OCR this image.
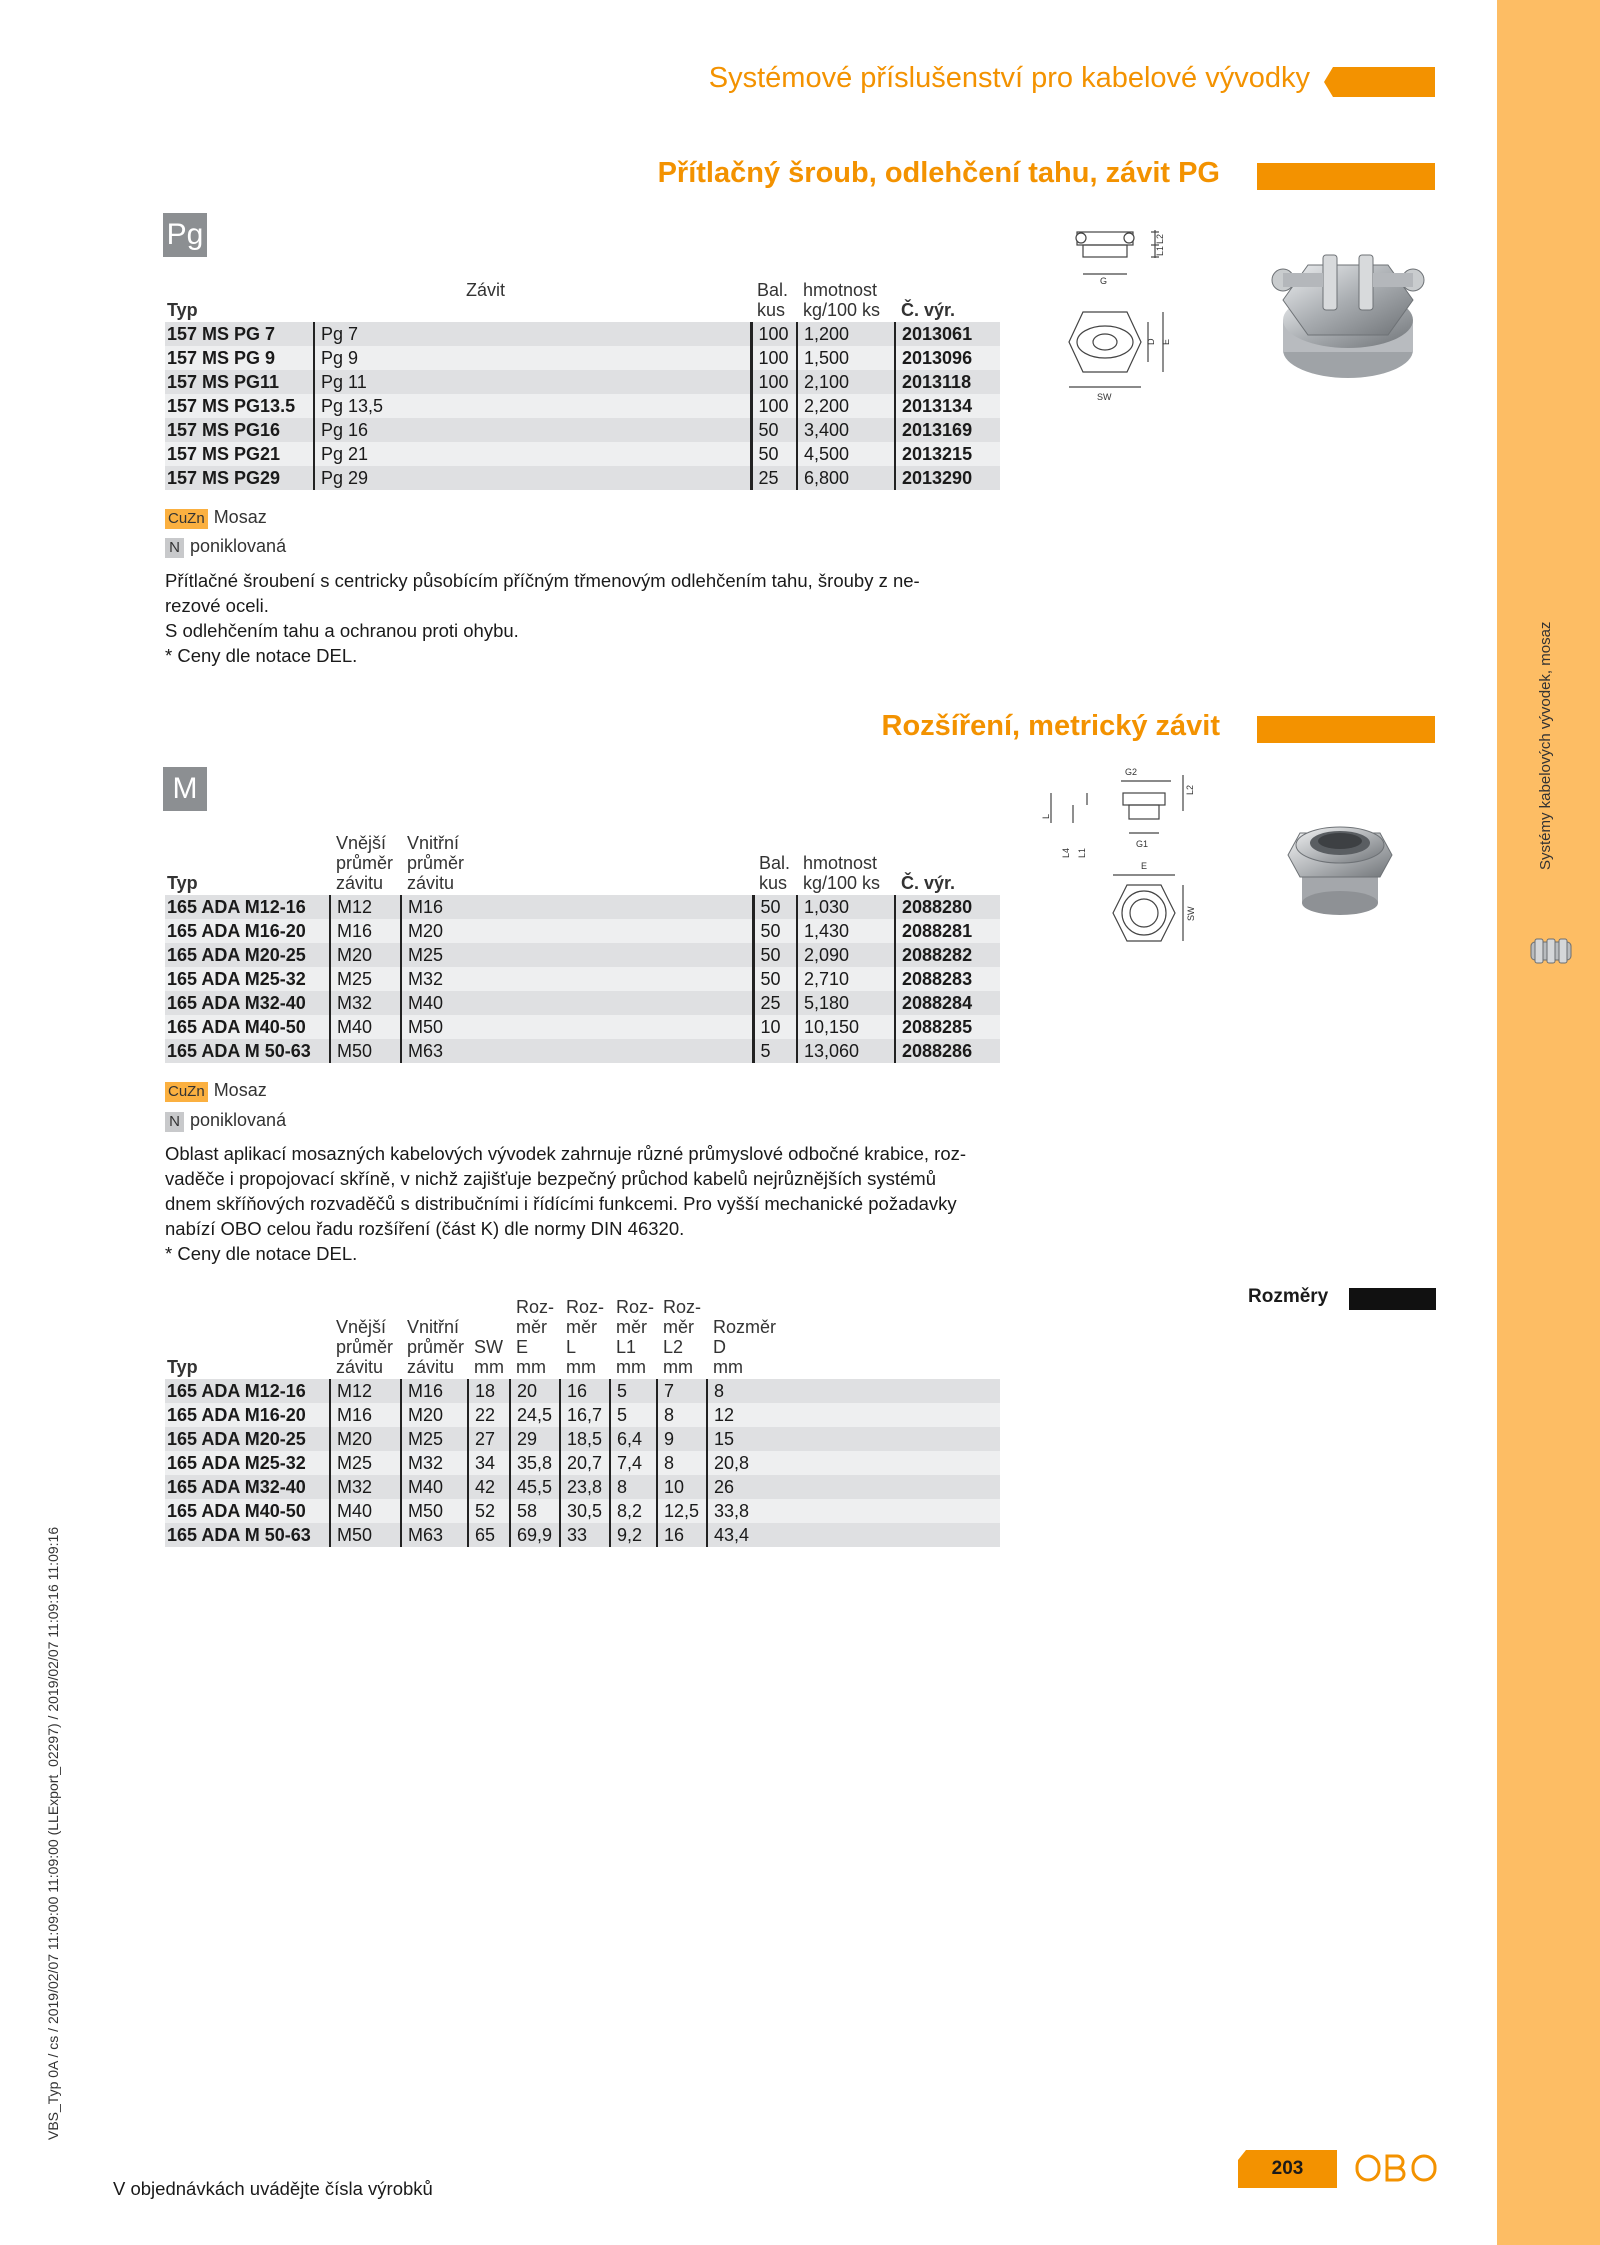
Systémy kabelových vývodek, mosaz
Systémové příslušenství pro kabelové vývodky
Přítlačný šroub, odlehčení tahu, závit PG
Pg

Typ	Závit	Bal.
kus	hmotnost
kg/100 ks	Č. výr.
157 MS PG 7	Pg 7	100	1,200	2013061
157 MS PG 9	Pg 9	100	1,500	2013096
157 MS PG11	Pg 11	100	2,100	2013118
157 MS PG13.5	Pg 13,5	100	2,200	2013134
157 MS PG16	Pg 16	50	3,400	2013169
157 MS PG21	Pg 21	50	4,500	2013215
157 MS PG29	Pg 29	25	6,800	2013290
CuZn Mosaz
N poniklovaná
Přítlačné šroubení s centricky působícím příčným třmenovým odlehčením tahu, šrouby z ne-
rezové oceli.
S odlehčením tahu a ochranou proti ohybu.
* Ceny dle notace DEL.
G
L2
L1
D E
SW
Rozšíření, metrický závit
M
Typ	Vnější
průměr
závitu	Vnitřní
průměr
závitu	Bal.
kus	hmotnost
kg/100 ks	Č. výr.
165 ADA M12-16	M12	M16	50	1,030	2088280
165 ADA M16-20	M16	M20	50	1,430	2088281
165 ADA M20-25	M20	M25	50	2,090	2088282
165 ADA M25-32	M25	M32	50	2,710	2088283
165 ADA M32-40	M32	M40	25	5,180	2088284
165 ADA M40-50	M40	M50	10	10,150	2088285
165 ADA M 50-63	M50	M63	5	13,060	2088286
CuZn Mosaz
N poniklovaná
Oblast aplikací mosazných kabelových vývodek zahrnuje různé průmyslové odbočné krabice, roz-
vaděče i propojovací skříně, v nichž zajišťuje bezpečný průchod kabelů nejrůznějších systémů
dnem skříňových rozvaděčů s distribučními i řídícími funkcemi. Pro vyšší mechanické požadavky
nabízí OBO celou řadu rozšíření (část K) dle normy DIN 46320.
* Ceny dle notace DEL.
G2
L2
L
L4 L1
G1
E
SW
Rozměry
Typ	Vnější
průměr
závitu	Vnitřní
průměr
závitu	SW
mm	Roz-
měr
E
mm	Roz-
měr
L
mm	Roz-
měr
L1
mm	Roz-
měr
L2
mm	Rozměr
D
mm
165 ADA M12-16	M12	M16	18	20	16	5	7	8
165 ADA M16-20	M16	M20	22	24,5	16,7	5	8	12
165 ADA M20-25	M20	M25	27	29	18,5	6,4	9	15
165 ADA M25-32	M25	M32	34	35,8	20,7	7,4	8	20,8
165 ADA M32-40	M32	M40	42	45,5	23,8	8	10	26
165 ADA M40-50	M40	M50	52	58	30,5	8,2	12,5	33,8
165 ADA M 50-63	M50	M63	65	69,9	33	9,2	16	43,4
VBS_Typ 0A / cs / 2019/02/07 11:09:00 11:09:00 (LLExport_02297) / 2019/02/07 11:09:16 11:09:16
V objednávkách uvádějte čísla výrobků
203
